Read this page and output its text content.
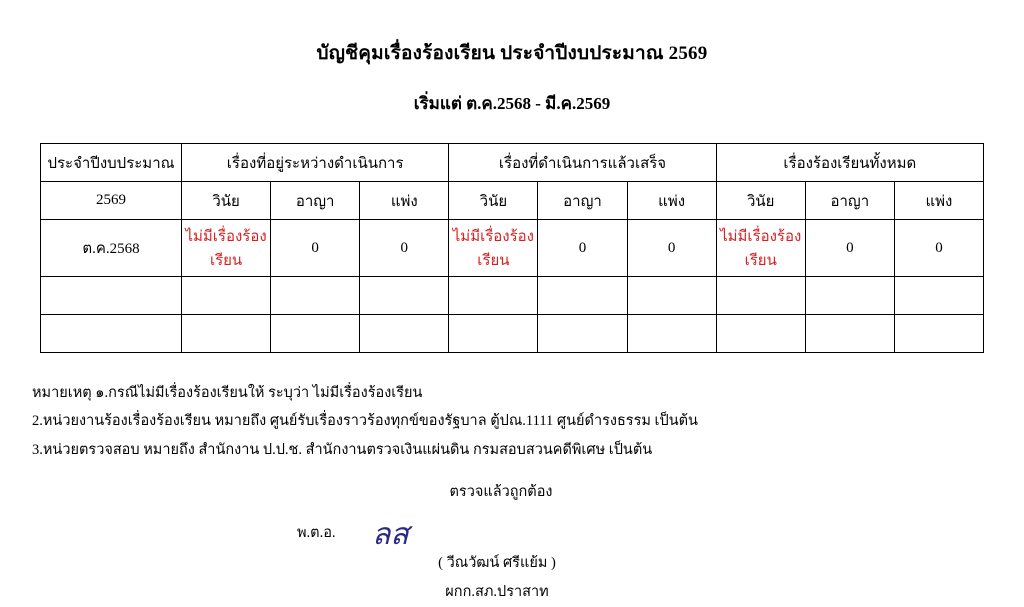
บัญชีคุมเรื่องร้องเรียน ประจำปีงบประมาณ 2569
เริ่มแต่ ต.ค.2568 - มี.ค.2569
ประจำปีงบประมาณ	เรื่องที่อยู่ระหว่างดำเนินการ			เรื่องที่ดำเนินการแล้วเสร็จ			เรื่องร้องเรียนทั้งหมด		
2569	วินัย	อาญา	แพ่ง	วินัย	อาญา	แพ่ง	วินัย	อาญา	แพ่ง
ต.ค.2568	ไม่มีเรื่องร้องเรียน	0	0	ไม่มีเรื่องร้องเรียน	0	0	ไม่มีเรื่องร้องเรียน	0	0

หมายเหตุ ๑.กรณีไม่มีเรื่องร้องเรียนให้ ระบุว่า ไม่มีเรื่องร้องเรียน
2.หน่วยงานร้องเรื่องร้องเรียน หมายถึง ศูนย์รับเรื่องราวร้องทุกข์ของรัฐบาล ตู้ปณ.1111 ศูนย์ดำรงธรรม เป็นต้น
3.หน่วยตรวจสอบ หมายถึง สำนักงาน ป.ป.ช. สำนักงานตรวจเงินแผ่นดิน กรมสอบสวนคดีพิเศษ เป็นต้น
ตรวจแล้วถูกต้อง
พ.ต.อ. ลส
( วีณวัฒน์ ศรีแย้ม )
ผกก.สภ.ปราสาท
